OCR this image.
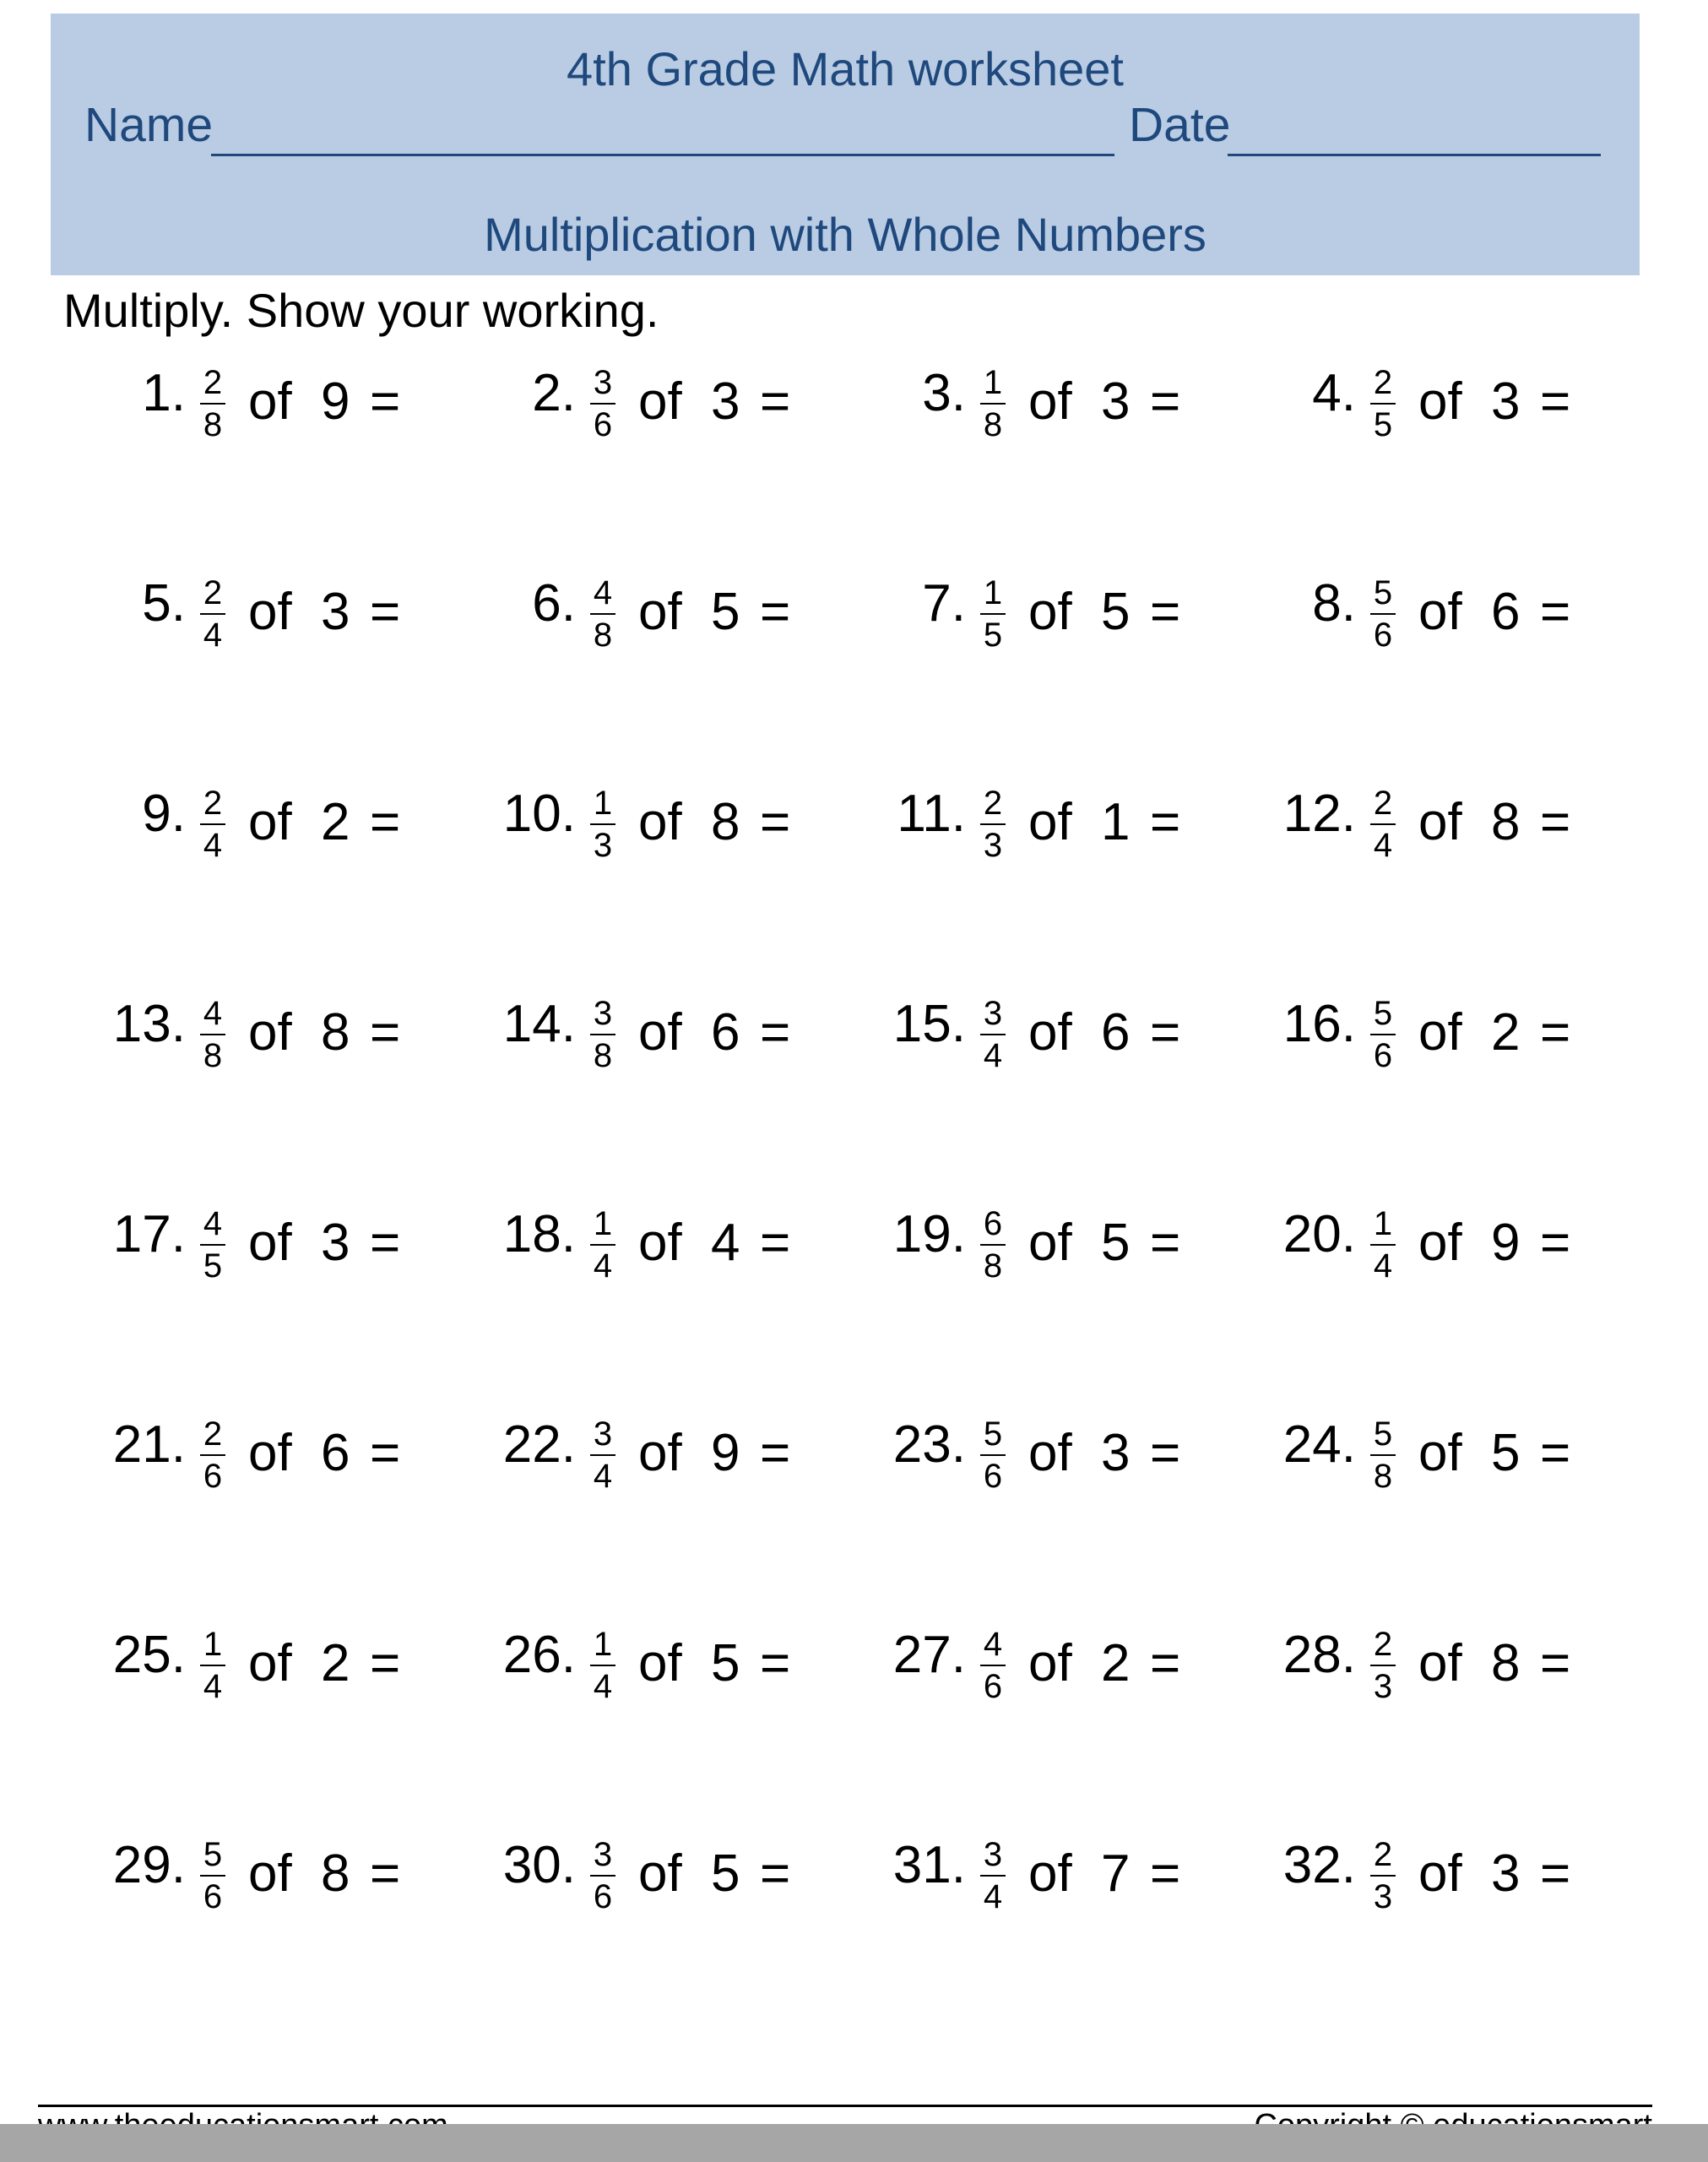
4th Grade Math worksheet
Name	Date
Multiplication with Whole Numbers
Multiply. Show your working.
1. 2
8 of 9 =	2. 3
6 of 3 =	3. 1
8 of 3 =	4. 2
5 of 3 =
5. 2
4 of 3 =	6. 4
8 of 5 =	7. 1
5 of 5 =	8. 5
6 of 6 =
9. 2
4 of 2 =	10. 1
3 of 8 =	11. 2
3 of 1 =	12. 2
4 of 8 =
13. 4
8 of 8 =	14. 3
8 of 6 =	15. 3
4 of 6 =	16. 5
6 of 2 =
17. 4
5 of 3 =	18. 1
4 of 4 =	19. 6
8 of 5 =	20. 1
4 of 9 =
21. 2
6 of 6 =	22. 3
4 of 9 =	23. 5
6 of 3 =	24. 5
8 of 5 =
25. 1
4 of 2 =	26. 1
4 of 5 =	27. 4
6 of 2 =	28. 2
3 of 8 =
29. 5
6 of 8 =	30. 3
6 of 5 =	31. 3
4 of 7 =	32. 2
3 of 3 =
